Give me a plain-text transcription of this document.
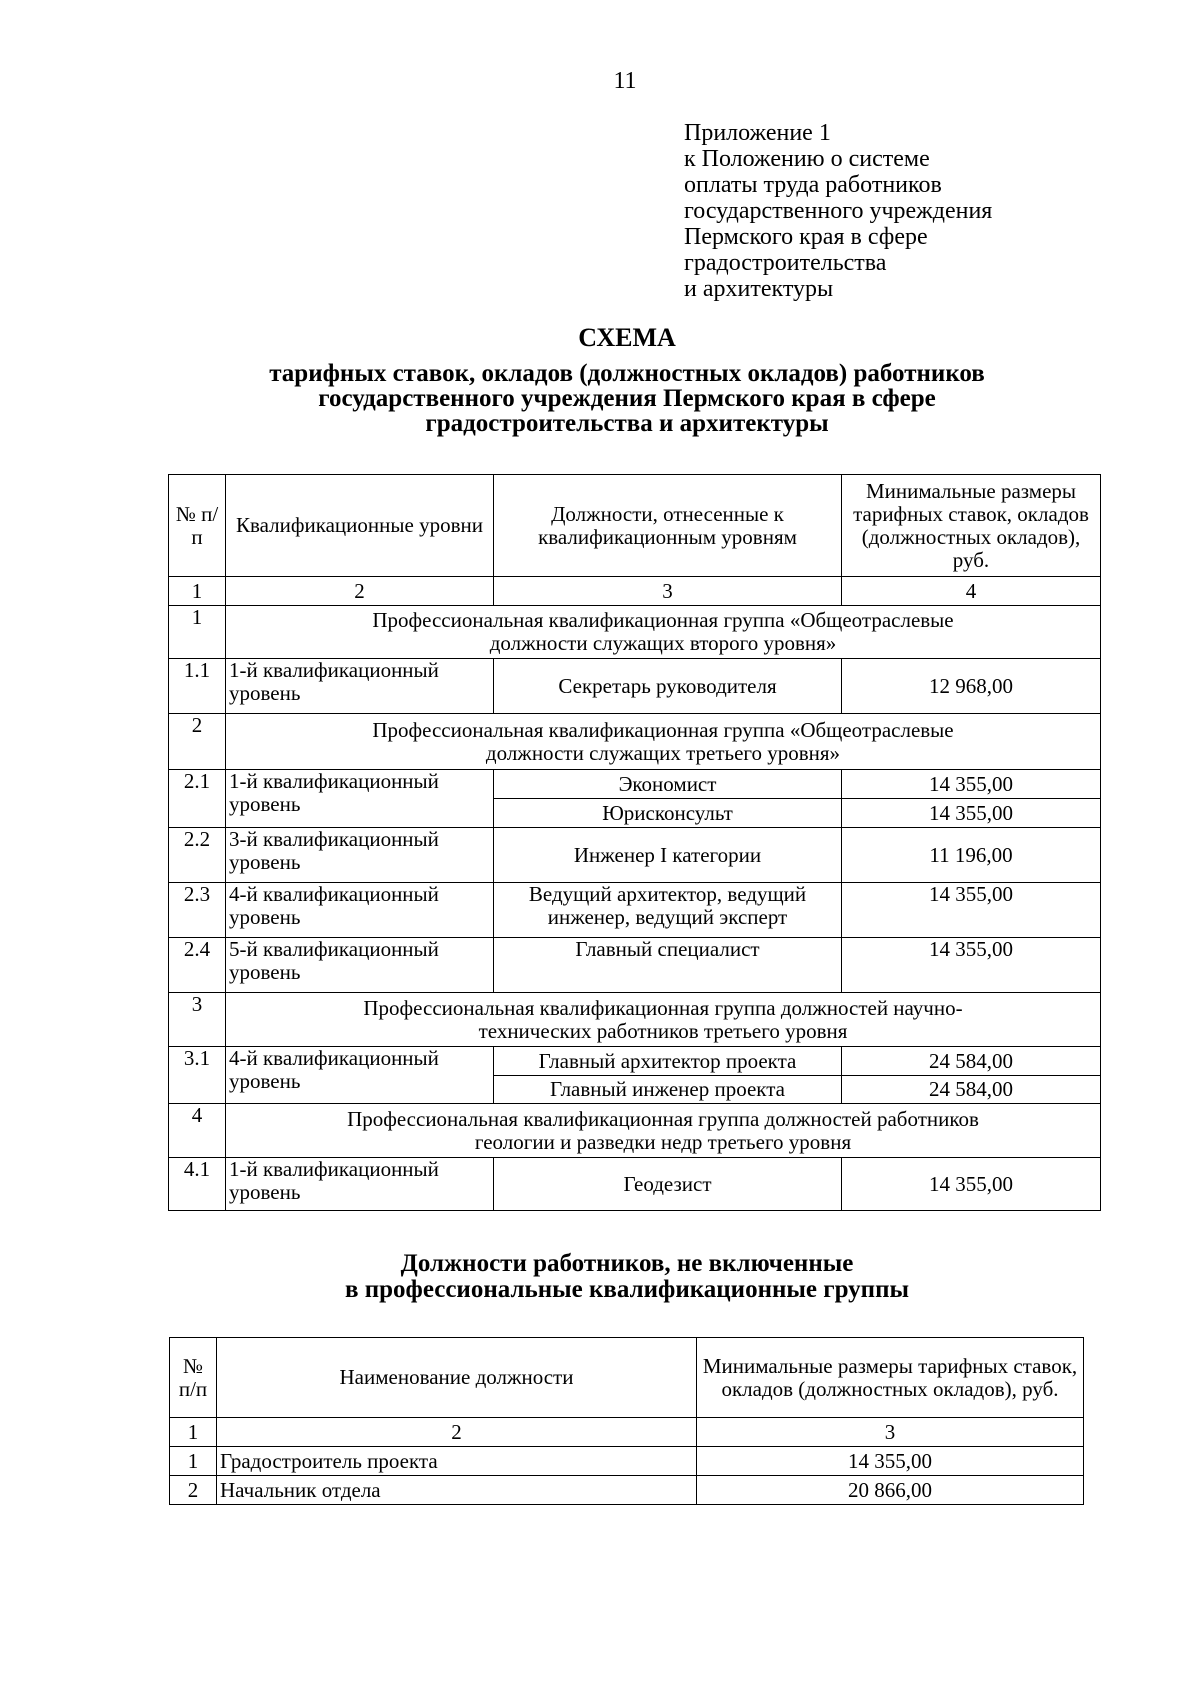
11
Приложение 1
к Положению о системе
оплаты труда работников
государственного учреждения
Пермского края в сфере
градостроительства
и архитектуры
СХЕМА
тарифных ставок, окладов (должностных окладов) работников
государственного учреждения Пермского края в сфере
градостроительства и архитектуры
№ п/п	Квалификационные уровни	Должности, отнесенные к квалификационным уровням	Минимальные размеры тарифных ставок, окладов (должностных окладов), руб.
1	2	3	4
1	Профессиональная квалификационная группа «Общеотраслевые должности служащих второго уровня»		
1.1	1-й квалификационный уровень	Секретарь руководителя	12 968,00
2	Профессиональная квалификационная группа «Общеотраслевые должности служащих третьего уровня»		
2.1	1-й квалификационный уровень	Экономист	14 355,00
		Юрисконсульт	14 355,00
2.2	3-й квалификационный уровень	Инженер I категории	11 196,00
2.3	4-й квалификационный уровень	Ведущий архитектор, ведущий инженер, ведущий эксперт	14 355,00
2.4	5-й квалификационный уровень	Главный специалист	14 355,00
3	Профессиональная квалификационная группа должностей научно-технических работников третьего уровня		
3.1	4-й квалификационный уровень	Главный архитектор проекта	24 584,00
		Главный инженер проекта	24 584,00
4	Профессиональная квалификационная группа должностей работников геологии и разведки недр третьего уровня		
4.1	1-й квалификационный уровень	Геодезист	14 355,00
Должности работников, не включенные
в профессиональные квалификационные группы
№ п/п	Наименование должности	Минимальные размеры тарифных ставок, окладов (должностных окладов), руб.
1	2	3
1	Градостроитель проекта	14 355,00
2	Начальник отдела	20 866,00
